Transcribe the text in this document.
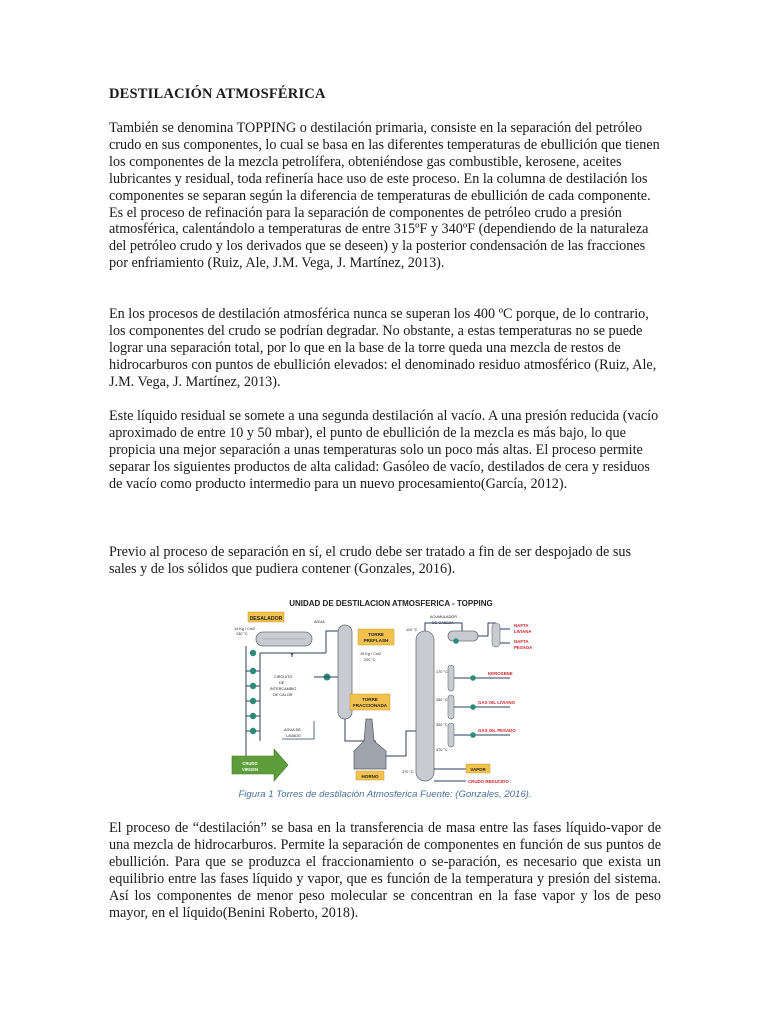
DESTILACIÓN ATMOSFÉRICA

También se denomina TOPPING o destilación primaria, consiste en la separación del petróleo crudo en sus componentes, lo cual se basa en las diferentes temperaturas de ebullición que tienen los componentes de la mezcla petrolífera, obteniéndose gas combustible, kerosene, aceites lubricantes y residual, toda refinería hace uso de este proceso. En la columna de destilación los componentes se separan según la diferencia de temperaturas de ebullición de cada componente. Es el proceso de refinación para la separación de componentes de petróleo crudo a presión atmosférica, calentándolo a temperaturas de entre 315ºF y 340ºF (dependiendo de la naturaleza del petróleo crudo y los derivados que se deseen) y la posterior condensación de las fracciones por enfriamiento (Ruiz, Ale, J.M. Vega, J. Martínez, 2013).

En los procesos de destilación atmosférica nunca se superan los 400 ºC porque, de lo contrario, los componentes del crudo se podrían degradar. No obstante, a estas temperaturas no se puede lograr una separación total, por lo que en la base de la torre queda una mezcla de restos de hidrocarburos con puntos de ebullición elevados: el denominado residuo atmosférico (Ruiz, Ale, J.M. Vega, J. Martínez, 2013).

Este líquido residual se somete a una segunda destilación al vacío. A una presión reducida (vacío aproximado de entre 10 y 50 mbar), el punto de ebullición de la mezcla es más bajo, lo que propicia una mejor separación a unas temperaturas solo un poco más altas. El proceso permite separar los siguientes productos de alta calidad: Gasóleo de vacío, destilados de cera y residuos de vacío como producto intermedio para un nuevo procesamiento(García, 2012).

Previo al proceso de separación en sí, el crudo debe ser tratado a fin de ser despojado de sus sales y de los sólidos que pudiera contener (Gonzales, 2016).

UNIDAD DE DESTILACION ATMOSFERICA - TOPPING
DESALADOR
14 Kg / Cm2
130 °C
AGUA
Y
CIRCUITO
DE
INTERCAMBIO
DE CALOR
AGUA DE
LAVADO
CRUDO
VIRGEN
TORRE
PREFLASH
15 Kg / Cm2
200 °C
TORRE
FRACCIONADA
HORNO
170 °C
250 °C
300 °C
370 °C
370 °C
110 °C
ACUMULADOR
DE CABEZA	NAFTA
LIVIANA
NAFTA
PESADA
KEROSENE
GAS OIL LIVIANO
GAS OIL PESADO
VAPOR
CRUDO REDUCIDO

Figura 1 Torres de destilación Atmosferica Fuente: (Gonzales, 2016).

El proceso de “destilación” se basa en la transferencia de masa entre las fases líquido-vapor de una mezcla de hidrocarburos. Permite la separación de componentes en función de sus puntos de ebullición. Para que se produzca el fraccionamiento o se-paración, es necesario que exista un equilibrio entre las fases líquido y vapor, que es función de la temperatura y presión del sistema. Así los componentes de menor peso molecular se concentran en la fase vapor y los de peso mayor, en el líquido(Benini Roberto, 2018).
